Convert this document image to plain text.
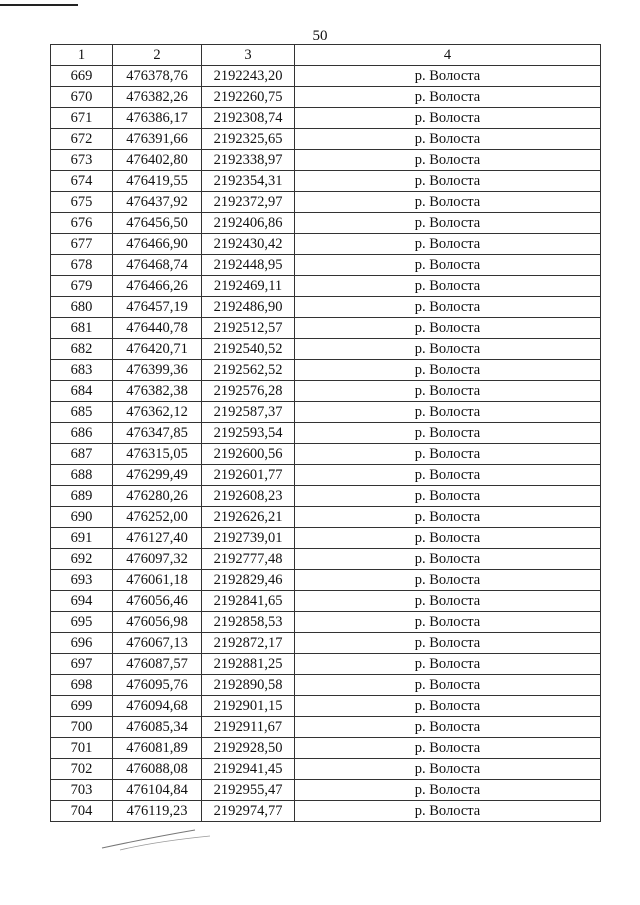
50
1	2	3	4
669	476378,76	2192243,20	р. Волоста
670	476382,26	2192260,75	р. Волоста
671	476386,17	2192308,74	р. Волоста
672	476391,66	2192325,65	р. Волоста
673	476402,80	2192338,97	р. Волоста
674	476419,55	2192354,31	р. Волоста
675	476437,92	2192372,97	р. Волоста
676	476456,50	2192406,86	р. Волоста
677	476466,90	2192430,42	р. Волоста
678	476468,74	2192448,95	р. Волоста
679	476466,26	2192469,11	р. Волоста
680	476457,19	2192486,90	р. Волоста
681	476440,78	2192512,57	р. Волоста
682	476420,71	2192540,52	р. Волоста
683	476399,36	2192562,52	р. Волоста
684	476382,38	2192576,28	р. Волоста
685	476362,12	2192587,37	р. Волоста
686	476347,85	2192593,54	р. Волоста
687	476315,05	2192600,56	р. Волоста
688	476299,49	2192601,77	р. Волоста
689	476280,26	2192608,23	р. Волоста
690	476252,00	2192626,21	р. Волоста
691	476127,40	2192739,01	р. Волоста
692	476097,32	2192777,48	р. Волоста
693	476061,18	2192829,46	р. Волоста
694	476056,46	2192841,65	р. Волоста
695	476056,98	2192858,53	р. Волоста
696	476067,13	2192872,17	р. Волоста
697	476087,57	2192881,25	р. Волоста
698	476095,76	2192890,58	р. Волоста
699	476094,68	2192901,15	р. Волоста
700	476085,34	2192911,67	р. Волоста
701	476081,89	2192928,50	р. Волоста
702	476088,08	2192941,45	р. Волоста
703	476104,84	2192955,47	р. Волоста
704	476119,23	2192974,77	р. Волоста
